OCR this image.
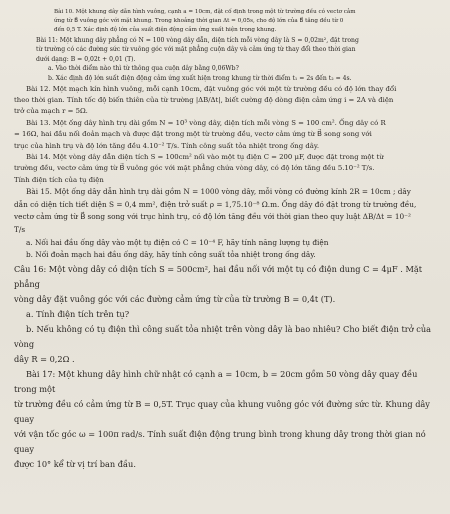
Bài 10. Một khung dây dẫn hình vuông, cạnh a = 10cm, đặt cố định trong một từ trường đều có vectơ cảm
ứng từ B⃗ vuông góc với mặt khung. Trong khoảng thời gian Δt = 0,05s, cho độ lớn của B⃗ tăng đều từ 0
đến 0,5 T. Xác định độ lớn của suất điện động cảm ứng xuất hiện trong khung.
Bài 11: Một khung dây phẳng có N = 100 vòng dây dẫn, diện tích mỗi vòng dây là S = 0,02m², đặt trong
từ trường có các đường sức từ vuông góc với mặt phẳng cuộn dây và cảm ứng từ thay đổi theo thời gian
dưới dạng: B = 0,02t + 0,01 (T).
a. Vào thời điểm nào thì từ thông qua cuộn dây bằng 0,06Wb?
b. Xác định độ lớn suất điện động cảm ứng xuất hiện trong khung từ thời điểm t₁ = 2s đến t₂ = 4s.
Bài 12. Một mạch kín hình vuông, mỗi cạnh 10cm, đặt vuông góc với một từ trường đều có độ lớn thay đổi
theo thời gian. Tính tốc độ biến thiên của từ trường |ΔB/Δt|, biết cường độ dòng điện cảm ứng i = 2A và điện
trở của mạch r = 5Ω.
Bài 13. Một ống dây hình trụ dài gồm N = 10³ vòng dây, diện tích mỗi vòng S = 100 cm². Ống dây có R
= 16Ω, hai đầu nối đoản mạch và được đặt trong một từ trường đều, vectơ cảm ứng từ B⃗ song song với
trục của hình trụ và độ lớn tăng đều 4.10⁻² T/s. Tính công suất tỏa nhiệt trong ống dây.
Bài 14. Một vòng dây dẫn diện tích S = 100cm² nối vào một tụ điện C = 200 μF, được đặt trong một từ
trường đều, vectơ cảm ứng từ B⃗ vuông góc với mặt phẳng chứa vòng dây, có độ lớn tăng đều 5.10⁻² T/s.
Tính điện tích của tụ điện
Bài 15. Một ống dây dẫn hình trụ dài gồm N = 1000 vòng dây, mỗi vòng có đường kính 2R = 10cm ; dây
dẫn có diện tích tiết diện S = 0,4 mm², điện trở suất ρ = 1,75.10⁻⁸ Ω.m. Ống dây đó đặt trong từ trường đều,
vectơ cảm ứng từ B⃗ song song với trục hình trụ, có độ lớn tăng đều với thời gian theo quy luật ΔB/Δt = 10⁻²
T/s
a. Nối hai đầu ống dây vào một tụ điện có C = 10⁻⁴ F, hãy tính năng lượng tụ điện
b. Nối đoản mạch hai đầu ống dây, hãy tính công suất tỏa nhiệt trong ống dây.
Câu 16: Một vòng dây có diện tích S = 500cm², hai đầu nối với một tụ có điện dung C = 4μF . Mặt phẳng
vòng dây đặt vuông góc với các đường cảm ứng từ của từ trường B = 0,4t (T).
a. Tính điện tích trên tụ?
b. Nếu không có tụ điện thì công suất tỏa nhiệt trên vòng dây là bao nhiêu? Cho biết điện trở của vòng
dây R = 0,2Ω .
Bài 17: Một khung dây hình chữ nhật có cạnh a = 10cm, b = 20cm gồm 50 vòng dây quay đều trong một
từ trường đều có cảm ứng từ B = 0,5T. Trục quay của khung vuông góc với đường sức từ. Khung dây quay
với vận tốc góc ω = 100π rad/s. Tính suất điện động trung bình trong khung dây trong thời gian nó quay
được 10° kể từ vị trí ban đầu.
